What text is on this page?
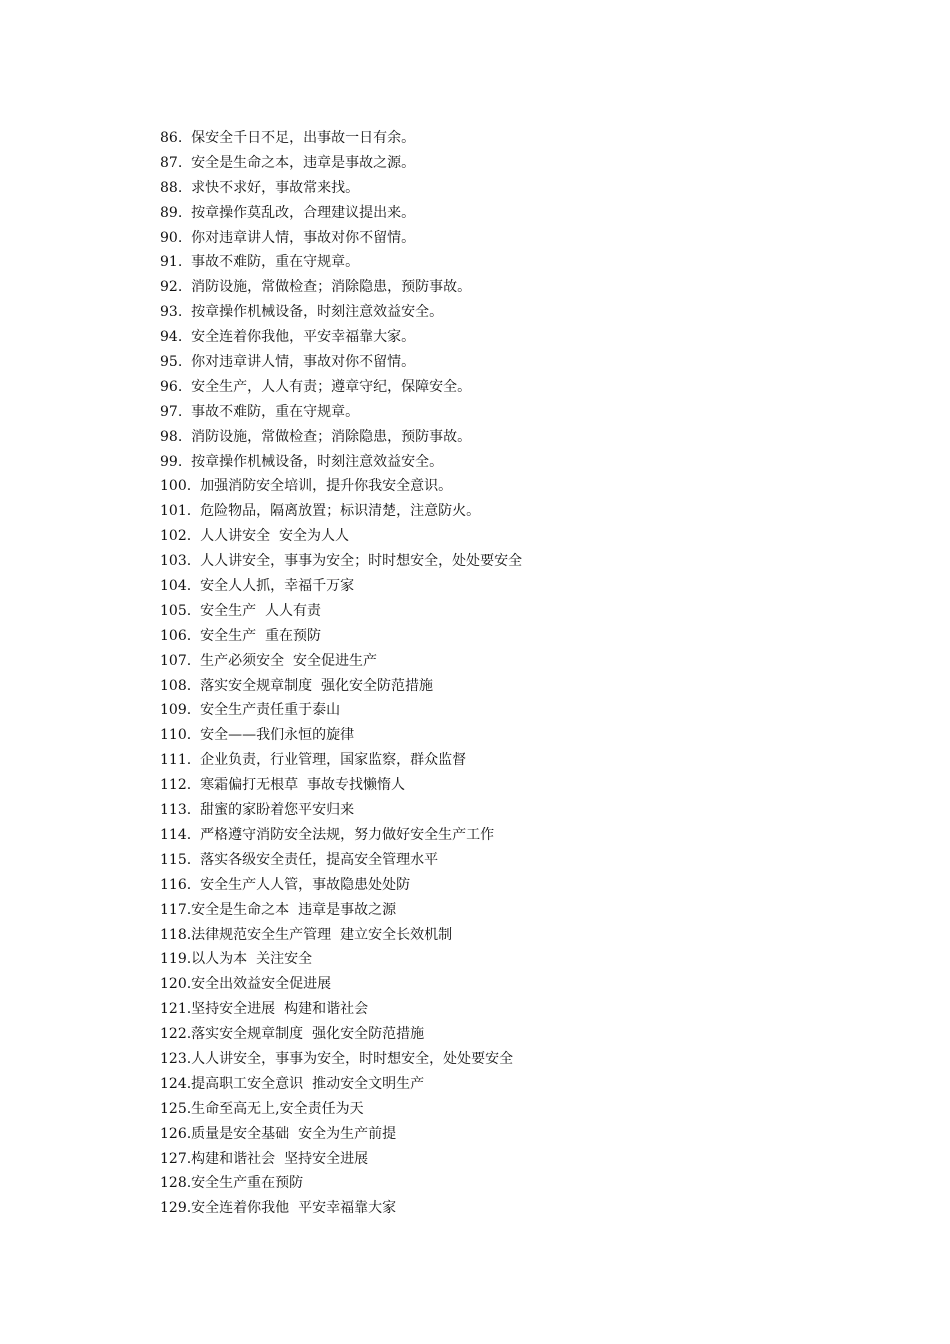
86.  保安全千日不足，出事故一日有余。
87.  安全是生命之本，违章是事故之源。
88.  求快不求好，事故常来找。
89.  按章操作莫乱改，合理建议提出来。
90.  你对违章讲人情，事故对你不留情。
91.  事故不难防，重在守规章。
92.  消防设施，常做检查；消除隐患，预防事故。
93.  按章操作机械设备，时刻注意效益安全。
94.  安全连着你我他，平安幸福靠大家。
95.  你对违章讲人情，事故对你不留情。
96.  安全生产，人人有责；遵章守纪，保障安全。
97.  事故不难防，重在守规章。
98.  消防设施，常做检查；消除隐患，预防事故。
99.  按章操作机械设备，时刻注意效益安全。
100.  加强消防安全培训，提升你我安全意识。
101.  危险物品，隔离放置；标识清楚，注意防火。
102.  人人讲安全  安全为人人
103.  人人讲安全，事事为安全；时时想安全，处处要安全
104.  安全人人抓，幸福千万家
105.  安全生产  人人有责
106.  安全生产  重在预防
107.  生产必须安全  安全促进生产
108.  落实安全规章制度  强化安全防范措施
109.  安全生产责任重于泰山
110.  安全——我们永恒的旋律
111.  企业负责，行业管理，国家监察，群众监督
112.  寒霜偏打无根草  事故专找懒惰人
113.  甜蜜的家盼着您平安归来
114.  严格遵守消防安全法规，努力做好安全生产工作
115.  落实各级安全责任，提高安全管理水平
116.  安全生产人人管，事故隐患处处防
117.安全是生命之本  违章是事故之源
118.法律规范安全生产管理  建立安全长效机制
119.以人为本  关注安全
120.安全出效益安全促进展
121.坚持安全进展  构建和谐社会
122.落实安全规章制度  强化安全防范措施
123.人人讲安全，事事为安全，时时想安全，处处要安全
124.提高职工安全意识  推动安全文明生产
125.生命至高无上,安全责任为天
126.质量是安全基础  安全为生产前提
127.构建和谐社会  坚持安全进展
128.安全生产重在预防
129.安全连着你我他  平安幸福靠大家
